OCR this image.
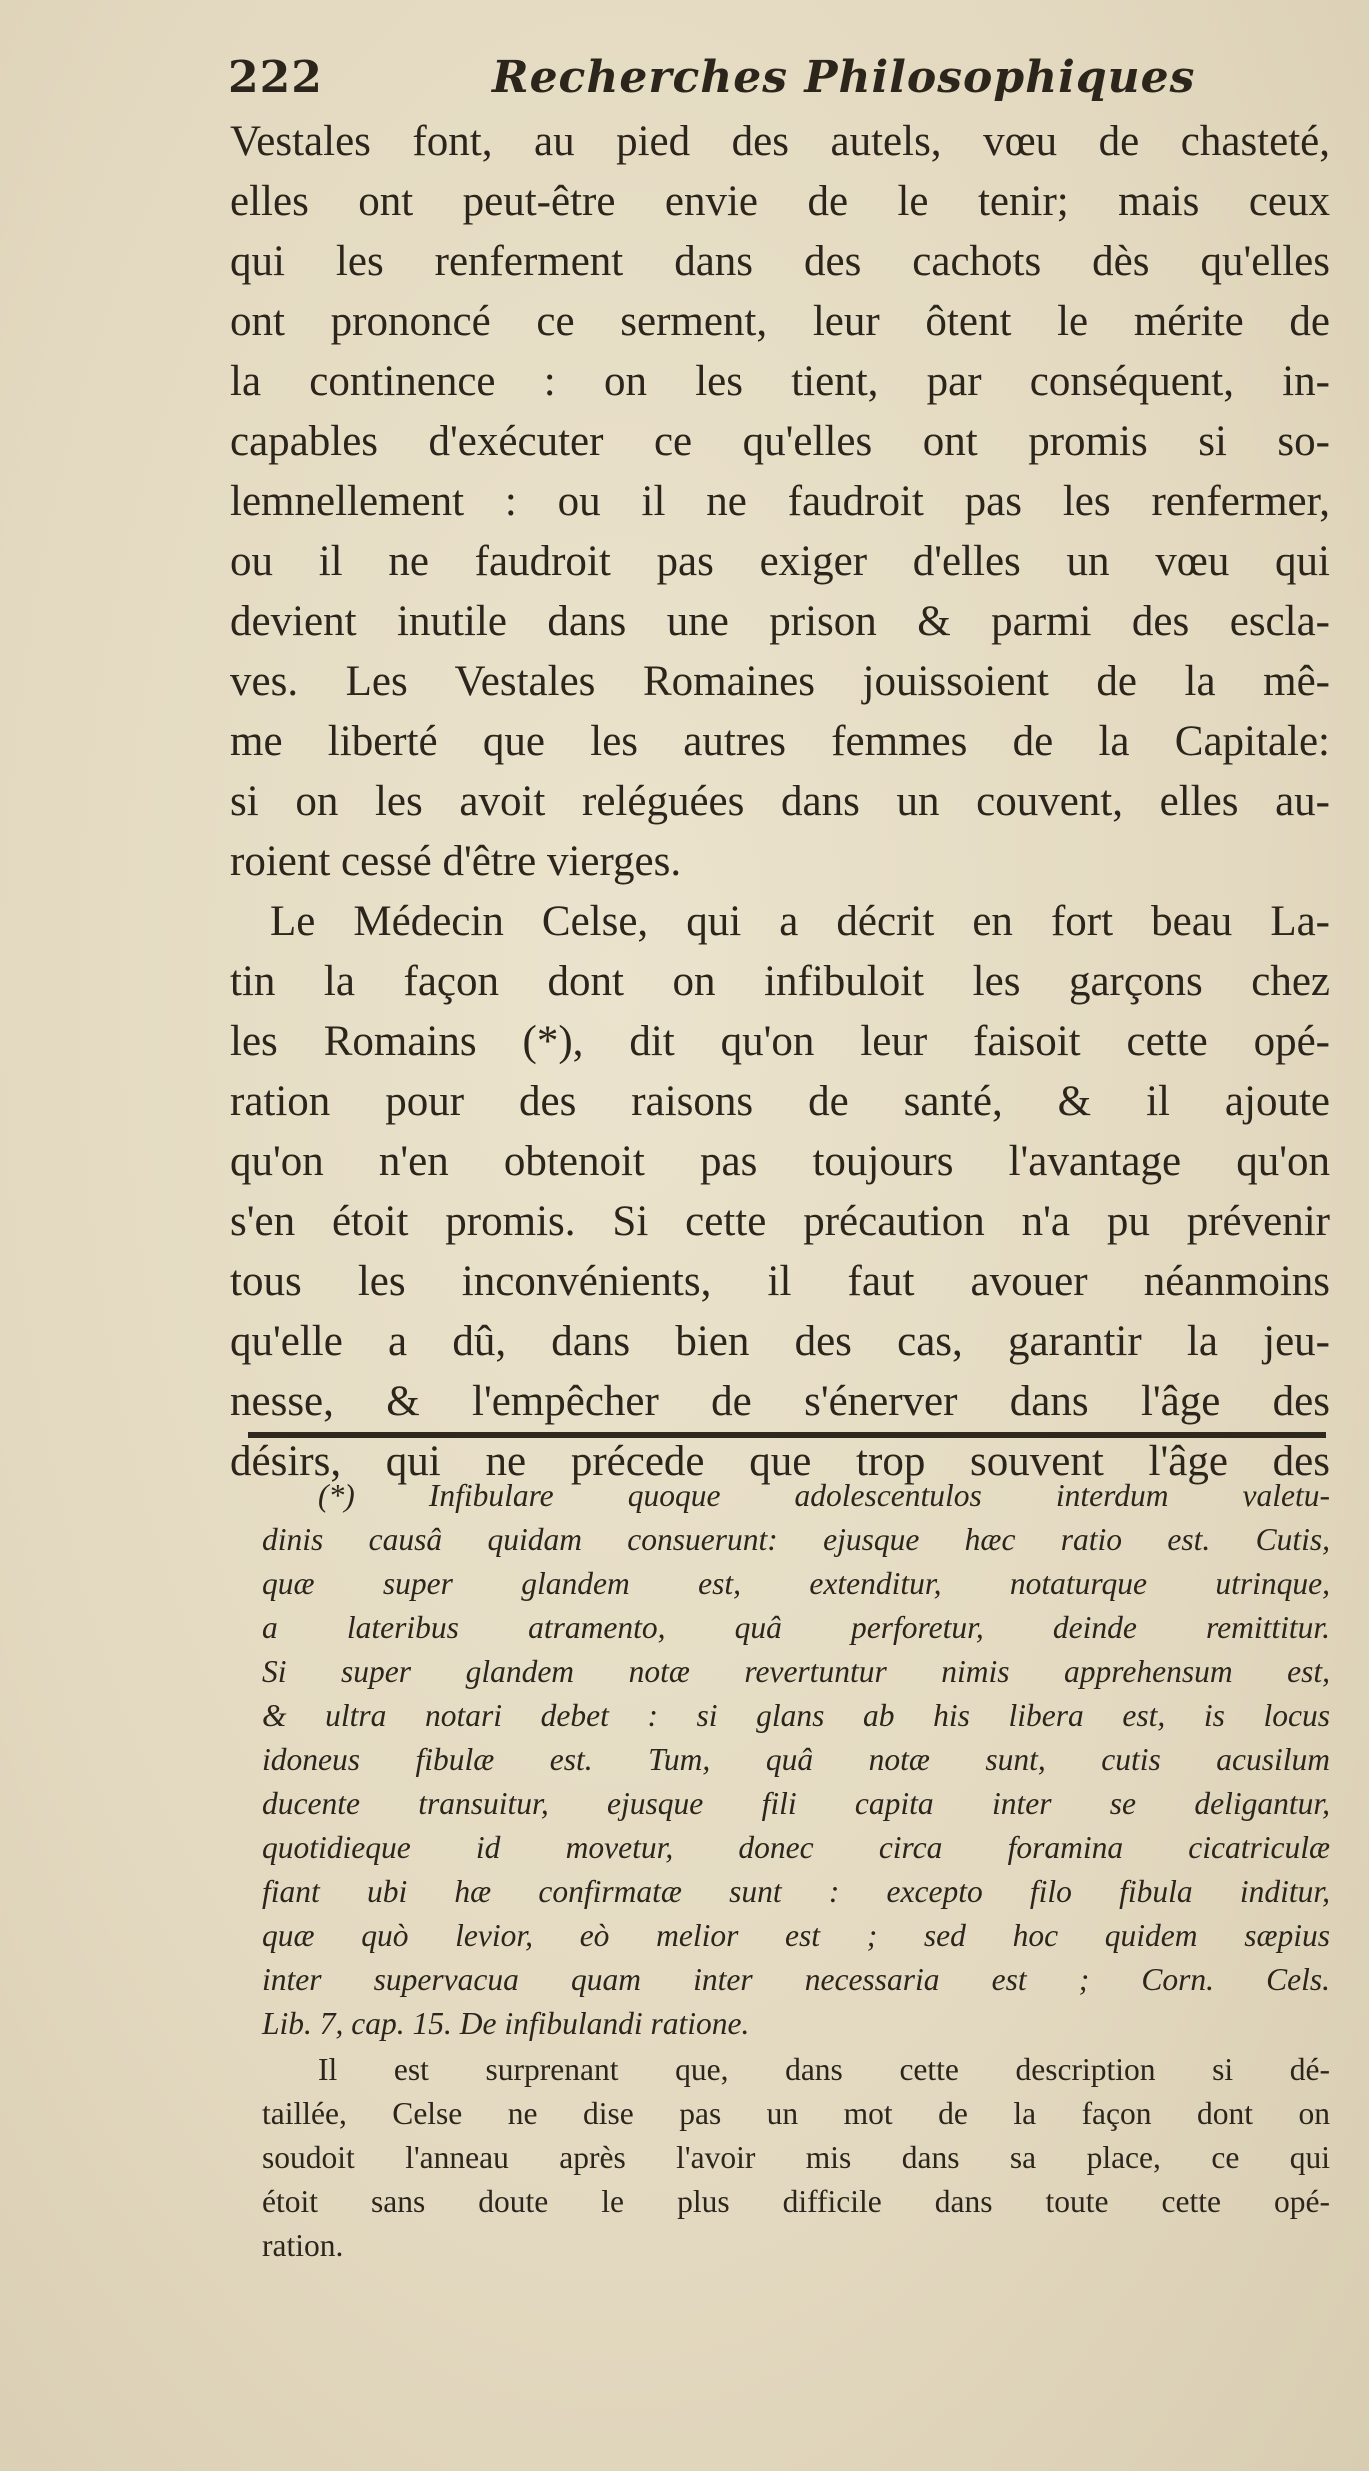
222	Recherches Philosophiques
Vestales font, au pied des autels, vœu de chasteté,
elles ont peut-être envie de le tenir; mais ceux
qui les renferment dans des cachots dès qu'elles
ont prononcé ce serment, leur ôtent le mérite de
la continence : on les tient, par conséquent, in-
capables d'exécuter ce qu'elles ont promis si so-
lemnellement : ou il ne faudroit pas les renfermer,
ou il ne faudroit pas exiger d'elles un vœu qui
devient inutile dans une prison & parmi des escla-
ves. Les Vestales Romaines jouissoient de la mê-
me liberté que les autres femmes de la Capitale:
si on les avoit reléguées dans un couvent, elles au-
roient cessé d'être vierges.
Le Médecin Celse, qui a décrit en fort beau La-
tin la façon dont on infibuloit les garçons chez
les Romains (*), dit qu'on leur faisoit cette opé-
ration pour des raisons de santé, & il ajoute
qu'on n'en obtenoit pas toujours l'avantage qu'on
s'en étoit promis. Si cette précaution n'a pu prévenir
tous les inconvénients, il faut avouer néanmoins
qu'elle a dû, dans bien des cas, garantir la jeu-
nesse, & l'empêcher de s'énerver dans l'âge des
désirs, qui ne précede que trop souvent l'âge des
(*) Infibulare quoque adolescentulos interdum valetu-
dinis causâ quidam consuerunt: ejusque hæc ratio est. Cutis,
quæ super glandem est, extenditur, notaturque utrinque,
a lateribus atramento, quâ perforetur, deinde remittitur.
Si super glandem notæ revertuntur nimis apprehensum est,
& ultra notari debet : si glans ab his libera est, is locus
idoneus fibulæ est. Tum, quâ notæ sunt, cutis acusilum
ducente transuitur, ejusque fili capita inter se deligantur,
quotidieque id movetur, donec circa foramina cicatriculæ
fiant ubi hæ confirmatæ sunt : excepto filo fibula inditur,
quæ quò levior, eò melior est ; sed hoc quidem sæpius
inter supervacua quam inter necessaria est ; Corn. Cels.
Lib. 7, cap. 15. De infibulandi ratione.
Il est surprenant que, dans cette description si dé-
taillée, Celse ne dise pas un mot de la façon dont on
soudoit l'anneau après l'avoir mis dans sa place, ce qui
étoit sans doute le plus difficile dans toute cette opé-
ration.
